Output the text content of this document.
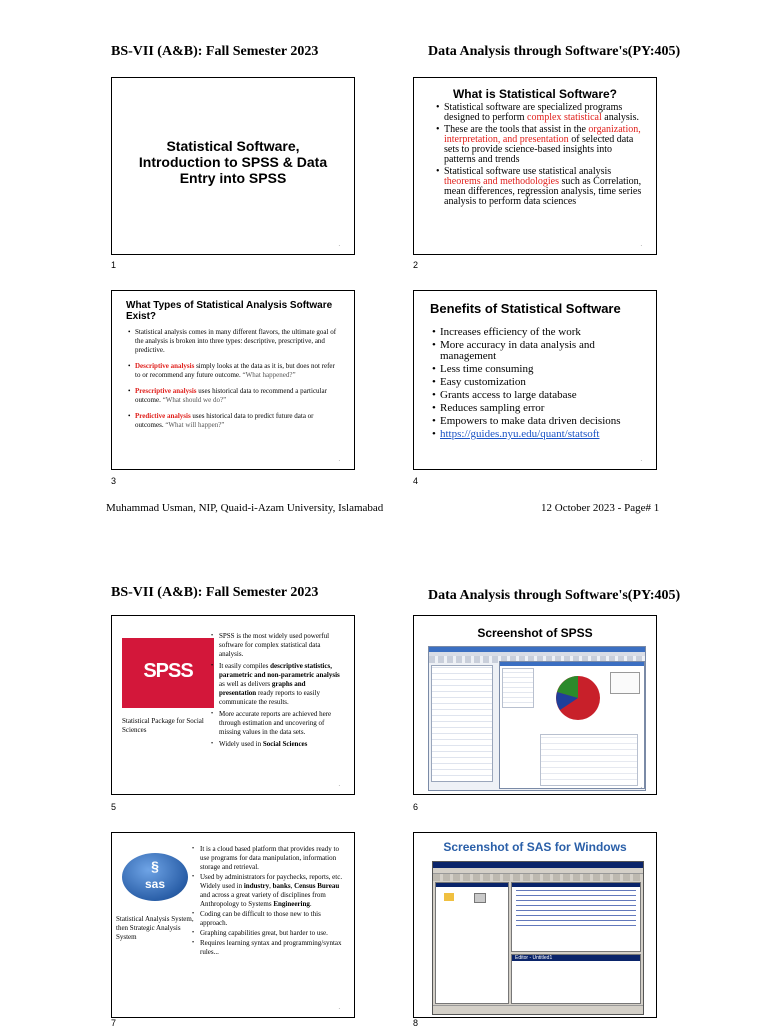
BS-VII (A&B): Fall Semester 2023	Data Analysis through Software's(PY:405)
Statistical Software, Introduction to SPSS & Data Entry into SPSS
.
1
What is Statistical Software?
• Statistical software are specialized programs designed to perform complex statistical analysis.
• These are the tools that assist in the organization, interpretation, and presentation of selected data sets to provide science-based insights into patterns and trends
• Statistical software use statistical analysis theorems and methodologies such as Correlation, mean differences, regression analysis, time series analysis to perform data sciences
.
2
What Types of Statistical Analysis Software Exist?
• Statistical analysis comes in many different flavors, the ultimate goal of the analysis is broken into three types: descriptive, prescriptive, and predictive.
• Descriptive analysis simply looks at the data as it is, but does not refer to or recommend any future outcome. “What happened?”
• Prescriptive analysis uses historical data to recommend a particular outcome. “What should we do?”
• Predictive analysis uses historical data to predict future data or outcomes. “What will happen?”
.
3
Benefits of Statistical Software
• Increases efficiency of the work
• More accuracy in data analysis and management
• Less time consuming
• Easy customization
• Grants access to large database
• Reduces sampling error
• Empowers to make data driven decisions
• https://guides.nyu.edu/quant/statsoft
.
4
Muhammad Usman, NIP, Quaid-i-Azam University, Islamabad	12 October 2023 - Page# 1
BS-VII (A&B): Fall Semester 2023	Data Analysis through Software's(PY:405)
SPSS
Statistical Package for Social Sciences
• SPSS is the most widely used powerful software for complex statistical data analysis.
• It easily compiles descriptive statistics, parametric and non-parametric analysis as well as delivers graphs and presentation ready reports to easily communicate the results.
• More accurate reports are achieved here through estimation and uncovering of missing values in the data sets.
• Widely used in Social Sciences
.
5
Screenshot of SPSS
.
6
§
sas
Statistical Analysis System, then Strategic Analysis System
• It is a cloud based platform that provides ready to use programs for data manipulation, information storage and retrieval.
• Used by administrators for paychecks, reports, etc. Widely used in industry, banks, Census Bureau and across a great variety of disciplines from Anthropology to Systems Engineering.
• Coding can be difficult to those new to this approach.
• Graphing capabilities great, but harder to use.
• Requires learning syntax and programming/syntax rules...
.
7
Screenshot of SAS for Windows
Editor - Untitled1
8
